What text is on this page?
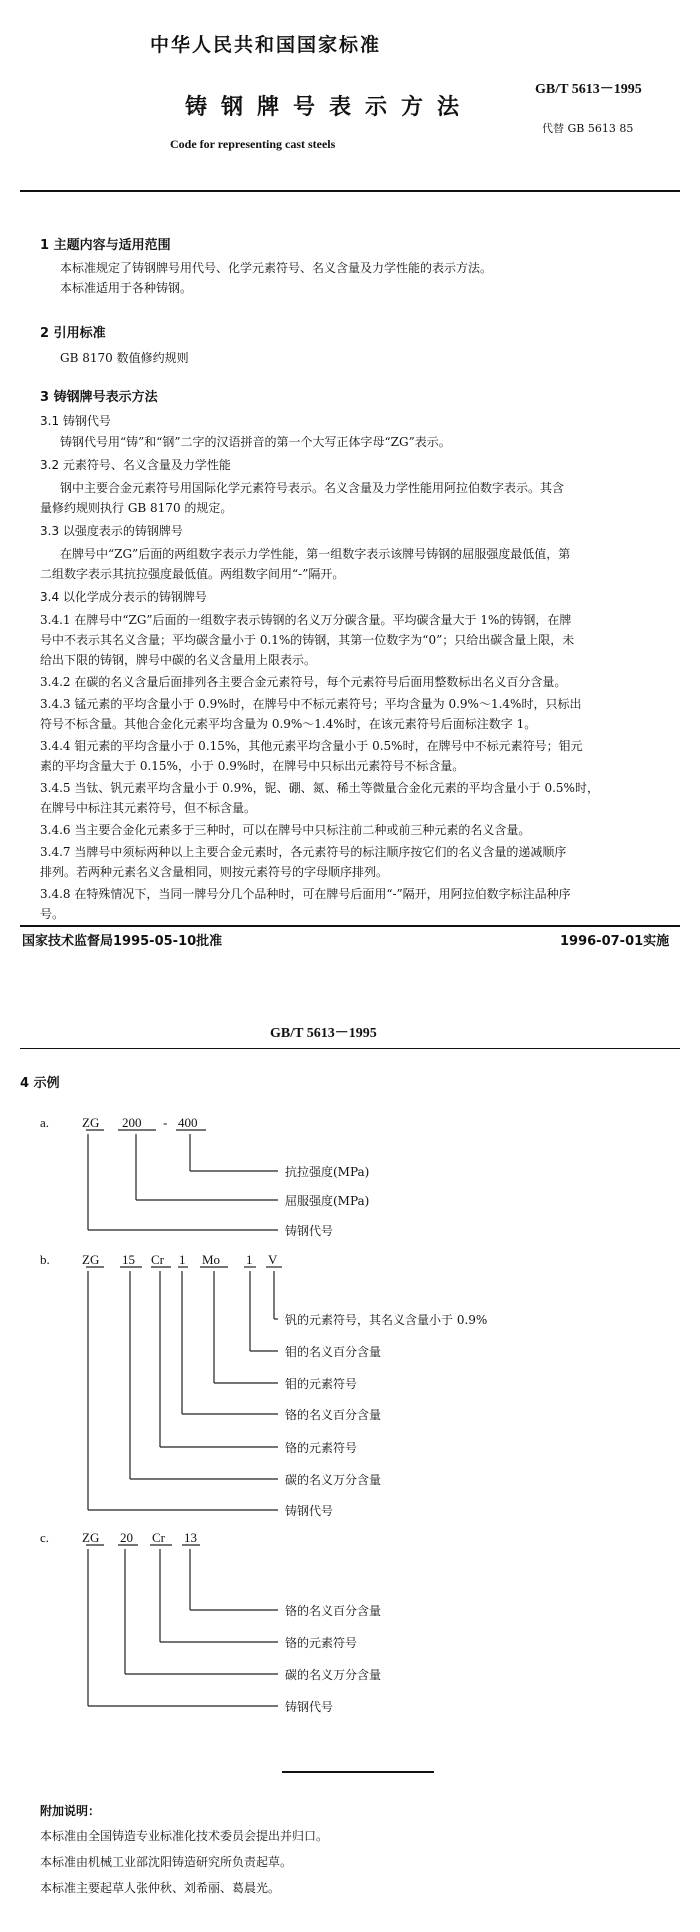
中华人民共和国国家标准
铸钢牌号表示方法
Code for representing cast steels
GB/T 5613－1995
代替 GB 5613 85
1 主题内容与适用范围
本标准规定了铸钢牌号用代号、化学元素符号、名义含量及力学性能的表示方法。
本标准适用于各种铸钢。
2 引用标准
GB 8170 数值修约规则
3 铸钢牌号表示方法
3.1 铸钢代号
铸钢代号用“铸”和“钢”二字的汉语拼音的第一个大写正体字母“ZG”表示。
3.2 元素符号、名义含量及力学性能
钢中主要合金元素符号用国际化学元素符号表示。名义含量及力学性能用阿拉伯数字表示。其含
量修约规则执行 GB 8170 的规定。
3.3 以强度表示的铸钢牌号
在牌号中“ZG”后面的两组数字表示力学性能，第一组数字表示该牌号铸钢的屈服强度最低值，第
二组数字表示其抗拉强度最低值。两组数字间用“-”隔开。
3.4 以化学成分表示的铸钢牌号
3.4.1 在牌号中“ZG”后面的一组数字表示铸钢的名义万分碳含量。平均碳含量大于 1%的铸钢，在牌
号中不表示其名义含量；平均碳含量小于 0.1%的铸钢，其第一位数字为“0”；只给出碳含量上限，未
给出下限的铸钢，牌号中碳的名义含量用上限表示。
3.4.2 在碳的名义含量后面排列各主要合金元素符号，每个元素符号后面用整数标出名义百分含量。
3.4.3 锰元素的平均含量小于 0.9%时，在牌号中不标元素符号；平均含量为 0.9%～1.4%时，只标出
符号不标含量。其他合金化元素平均含量为 0.9%～1.4%时，在该元素符号后面标注数字 1。
3.4.4 钼元素的平均含量小于 0.15%，其他元素平均含量小于 0.5%时，在牌号中不标元素符号；钼元
素的平均含量大于 0.15%，小于 0.9%时，在牌号中只标出元素符号不标含量。
3.4.5 当钛、钒元素平均含量小于 0.9%，铌、硼、氮、稀土等微量合金化元素的平均含量小于 0.5%时，
在牌号中标注其元素符号，但不标含量。
3.4.6 当主要合金化元素多于三种时，可以在牌号中只标注前二种或前三种元素的名义含量。
3.4.7 当牌号中须标两种以上主要合金元素时，各元素符号的标注顺序按它们的名义含量的递减顺序
排列。若两种元素名义含量相同，则按元素符号的字母顺序排列。
3.4.8 在特殊情况下，当同一牌号分几个品种时，可在牌号后面用“-”隔开，用阿拉伯数字标注品种序
号。
国家技术监督局1995-05-10批准	1996-07-01实施
GB/T 5613－1995
4 示例
a.	ZG 200 - 400
抗拉强度(MPa)
屈服强度(MPa)
铸钢代号
b. ZG 15 Cr 1 Mo 1 V
钒的元素符号，其名义含量小于 0.9%
钼的名义百分含量
钼的元素符号
铬的名义百分含量
铬的元素符号
碳的名义万分含量
铸钢代号
c.	ZG 20 Cr 13
铬的名义百分含量
铬的元素符号
碳的名义万分含量
铸钢代号
附加说明：
本标准由全国铸造专业标准化技术委员会提出并归口。
本标准由机械工业部沈阳铸造研究所负责起草。
本标准主要起草人张仲秋、刘希丽、葛晨光。
